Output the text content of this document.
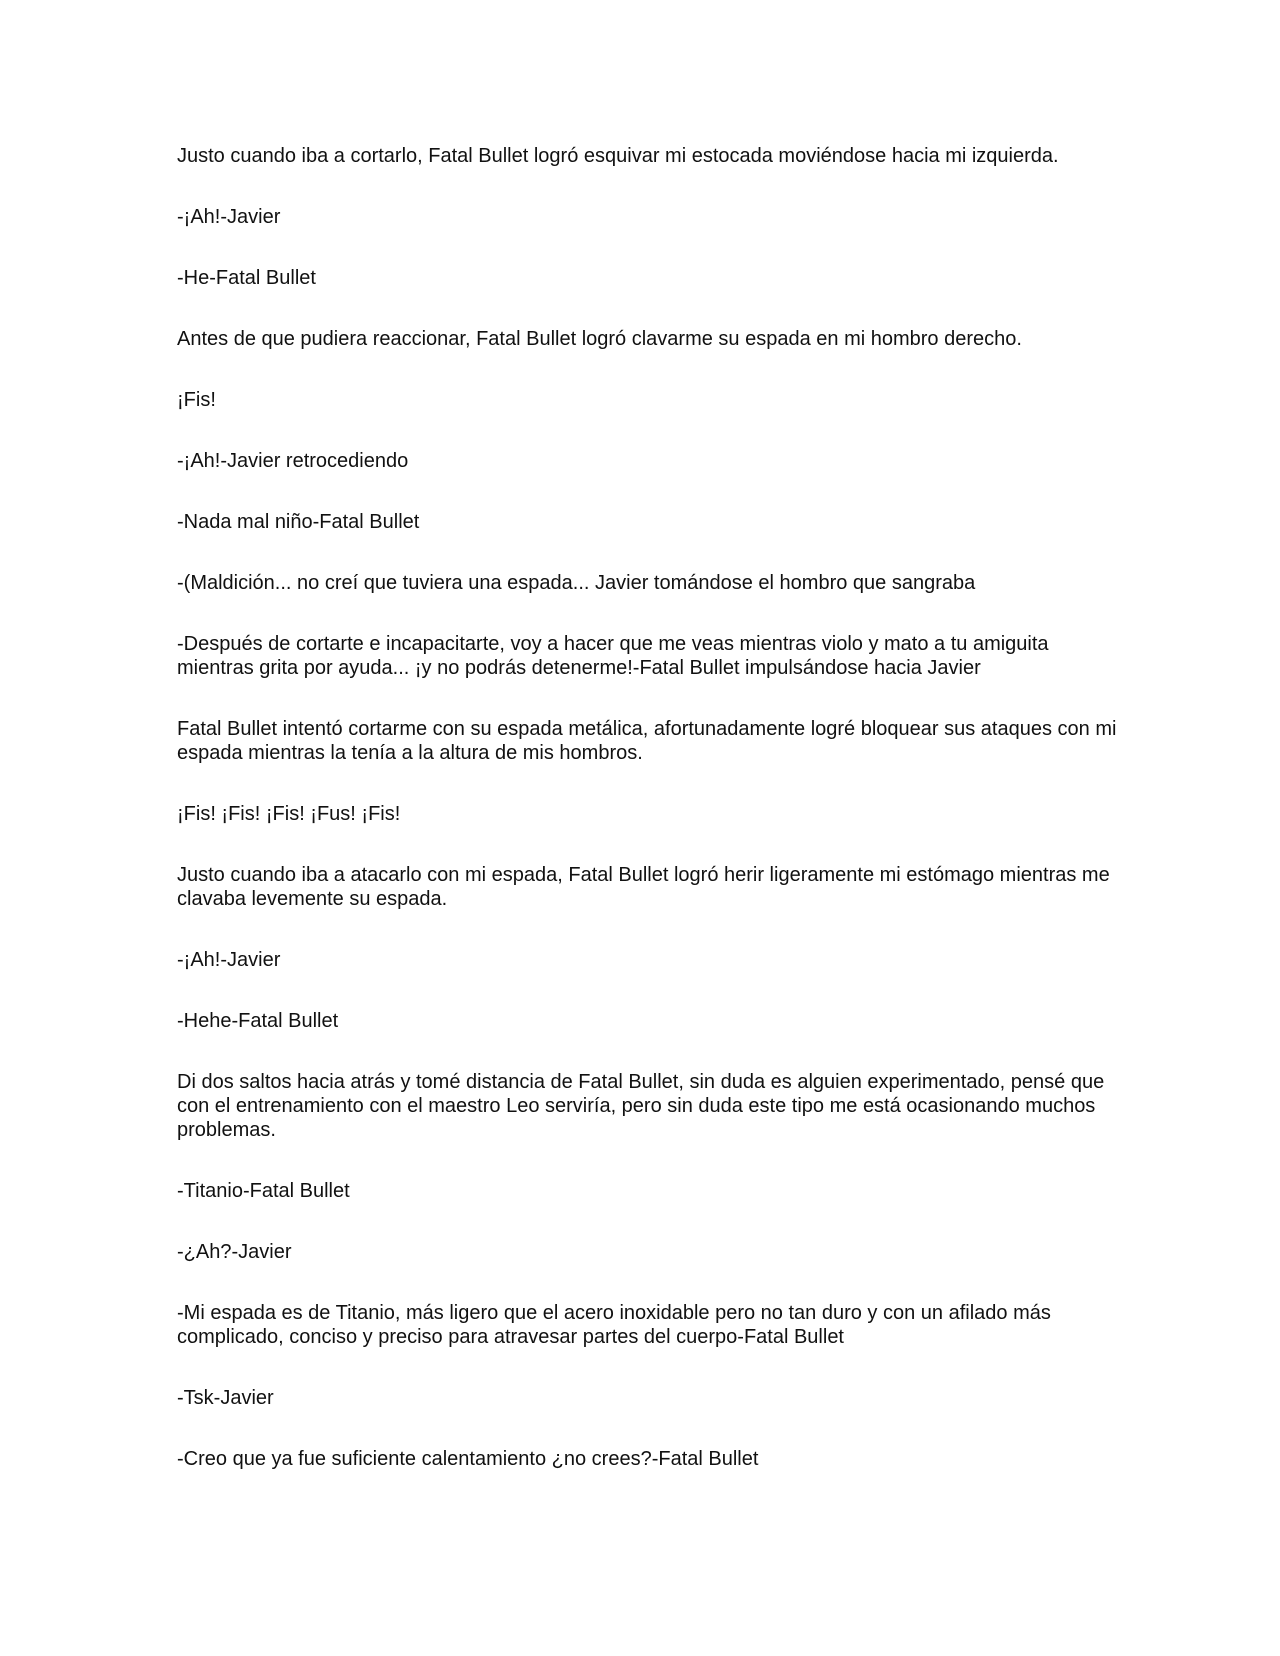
Justo cuando iba a cortarlo, Fatal Bullet logró esquivar mi estocada moviéndose hacia mi izquierda.

-¡Ah!-Javier

-He-Fatal Bullet

Antes de que pudiera reaccionar, Fatal Bullet logró clavarme su espada en mi hombro derecho.

¡Fis!

-¡Ah!-Javier retrocediendo

-Nada mal niño-Fatal Bullet

-(Maldición... no creí que tuviera una espada... Javier tomándose el hombro que sangraba

-Después de cortarte e incapacitarte, voy a hacer que me veas mientras violo y mato a tu amiguita mientras grita por ayuda... ¡y no podrás detenerme!-Fatal Bullet impulsándose hacia Javier

Fatal Bullet intentó cortarme con su espada metálica, afortunadamente logré bloquear sus ataques con mi espada mientras la tenía a la altura de mis hombros.

¡Fis! ¡Fis! ¡Fis! ¡Fus! ¡Fis!

Justo cuando iba a atacarlo con mi espada, Fatal Bullet logró herir ligeramente mi estómago mientras me clavaba levemente su espada.

-¡Ah!-Javier

-Hehe-Fatal Bullet

Di dos saltos hacia atrás y tomé distancia de Fatal Bullet, sin duda es alguien experimentado, pensé que con el entrenamiento con el maestro Leo serviría, pero sin duda este tipo me está ocasionando muchos problemas.

-Titanio-Fatal Bullet

-¿Ah?-Javier

-Mi espada es de Titanio, más ligero que el acero inoxidable pero no tan duro y con un afilado más complicado, conciso y preciso para atravesar partes del cuerpo-Fatal Bullet

-Tsk-Javier

-Creo que ya fue suficiente calentamiento ¿no crees?-Fatal Bullet
